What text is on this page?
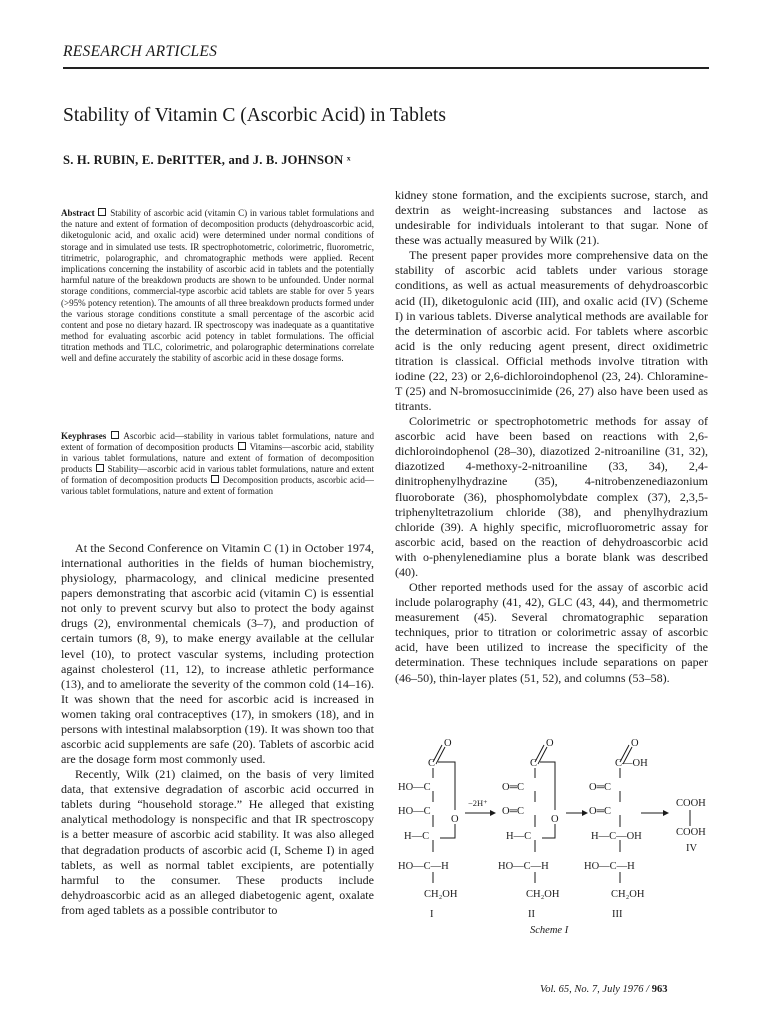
RESEARCH ARTICLES
Stability of Vitamin C (Ascorbic Acid) in Tablets
S. H. RUBIN, E. DeRITTER, and J. B. JOHNSON ˣ
Abstract Stability of ascorbic acid (vitamin C) in various tablet formulations and the nature and extent of formation of decomposition products (dehydroascorbic acid, diketogulonic acid, and oxalic acid) were determined under normal conditions of storage and in simulated use tests. IR spectrophotometric, colorimetric, fluorometric, titrimetric, polarographic, and chromatographic methods were applied. Recent implications concerning the instability of ascorbic acid in tablets and the potentially harmful nature of the breakdown products are shown to be unfounded. Under normal storage conditions, commercial-type ascorbic acid tablets are stable for over 5 years (>95% potency retention). The amounts of all three breakdown products formed under the various storage conditions constitute a small percentage of the ascorbic acid content and pose no dietary hazard. IR spectroscopy was inadequate as a quantitative method for evaluating ascorbic acid potency in tablet formulations. The official titration methods and TLC, colorimetric, and polarographic determinations correlate well and define accurately the stability of ascorbic acid in these dosage forms.
Keyphrases Ascorbic acid—stability in various tablet formulations, nature and extent of formation of decomposition products Vitamins—ascorbic acid, stability in various tablet formulations, nature and extent of formation of decomposition products Stability—ascorbic acid in various tablet formulations, nature and extent of formation of decomposition products Decomposition products, ascorbic acid—various tablet formulations, nature and extent of formation

At the Second Conference on Vitamin C (1) in October 1974, international authorities in the fields of human biochemistry, physiology, pharmacology, and clinical medicine presented papers demonstrating that ascorbic acid (vitamin C) is essential not only to prevent scurvy but also to protect the body against drugs (2), environmental chemicals (3–7), and production of certain tumors (8, 9), to make energy available at the cellular level (10), to protect vascular systems, including protection against cholesterol (11, 12), to increase athletic performance (13), and to ameliorate the severity of the common cold (14–16). It was shown that the need for ascorbic acid is increased in women taking oral contraceptives (17), in smokers (18), and in persons with intestinal malabsorption (19). It was shown too that ascorbic acid supplements are safe (20). Tablets of ascorbic acid are the dosage form most commonly used.

Recently, Wilk (21) claimed, on the basis of very limited data, that extensive degradation of ascorbic acid occurred in tablets during “household storage.” He alleged that existing analytical methodology is nonspecific and that IR spectroscopy is a better measure of ascorbic acid stability. It was also alleged that degradation products of ascorbic acid (I, Scheme I) in aged tablets, as well as normal tablet excipients, are potentially harmful to the consumer. These products include dehydroascorbic acid as an alleged diabetogenic agent, oxalate from aged tablets as a possible contributor to

kidney stone formation, and the excipients sucrose, starch, and dextrin as weight-increasing substances and lactose as undesirable for individuals intolerant to that sugar. None of these was actually measured by Wilk (21).

The present paper provides more comprehensive data on the stability of ascorbic acid tablets under various storage conditions, as well as actual measurements of dehydroascorbic acid (II), diketogulonic acid (III), and oxalic acid (IV) (Scheme I) in various tablets. Diverse analytical methods are available for the determination of ascorbic acid. For tablets where ascorbic acid is the only reducing agent present, direct oxidimetric titration is classical. Official methods involve titration with iodine (22, 23) or 2,6-dichloroindophenol (23, 24). Chloramine-T (25) and N-bromosuccinimide (26, 27) also have been used as titrants.

Colorimetric or spectrophotometric methods for assay of ascorbic acid have been based on reactions with 2,6-dichloroindophenol (28–30), diazotized 2-nitroaniline (31, 32), diazotized 4-methoxy-2-nitroaniline (33, 34), 2,4-dinitrophenylhydrazine (35), 4-nitrobenzenediazonium fluoroborate (36), phosphomolybdate complex (37), 2,3,5-triphenyltetrazolium chloride (38), and phenylhydrazium chloride (39). A highly specific, microfluorometric assay for ascorbic acid, based on the reaction of dehydroascorbic acid with o-phenylenediamine plus a borate blank was described (40).

Other reported methods used for the assay of ascorbic acid include polarography (41, 42), GLC (43, 44), and thermometric measurement (45). Several chromatographic separation techniques, prior to titration or colorimetric assay of ascorbic acid, have been utilized to increase the specificity of the determination. These techniques include separations on paper (46–50), thin-layer plates (51, 52), and columns (53–58).

O
C
HO—C
HO—C
O
H—C
HO—C—H
CH₂OH
I
−2H⁺
O
C
O═C
O═C
O
H—C
HO—C—H
CH₂OH
II
O
C—OH
O═C
O═C
H—C—OH
HO—C—H
CH₂OH
III
COOH
COOH
IV
Scheme I
Vol. 65, No. 7, July 1976 / 963
